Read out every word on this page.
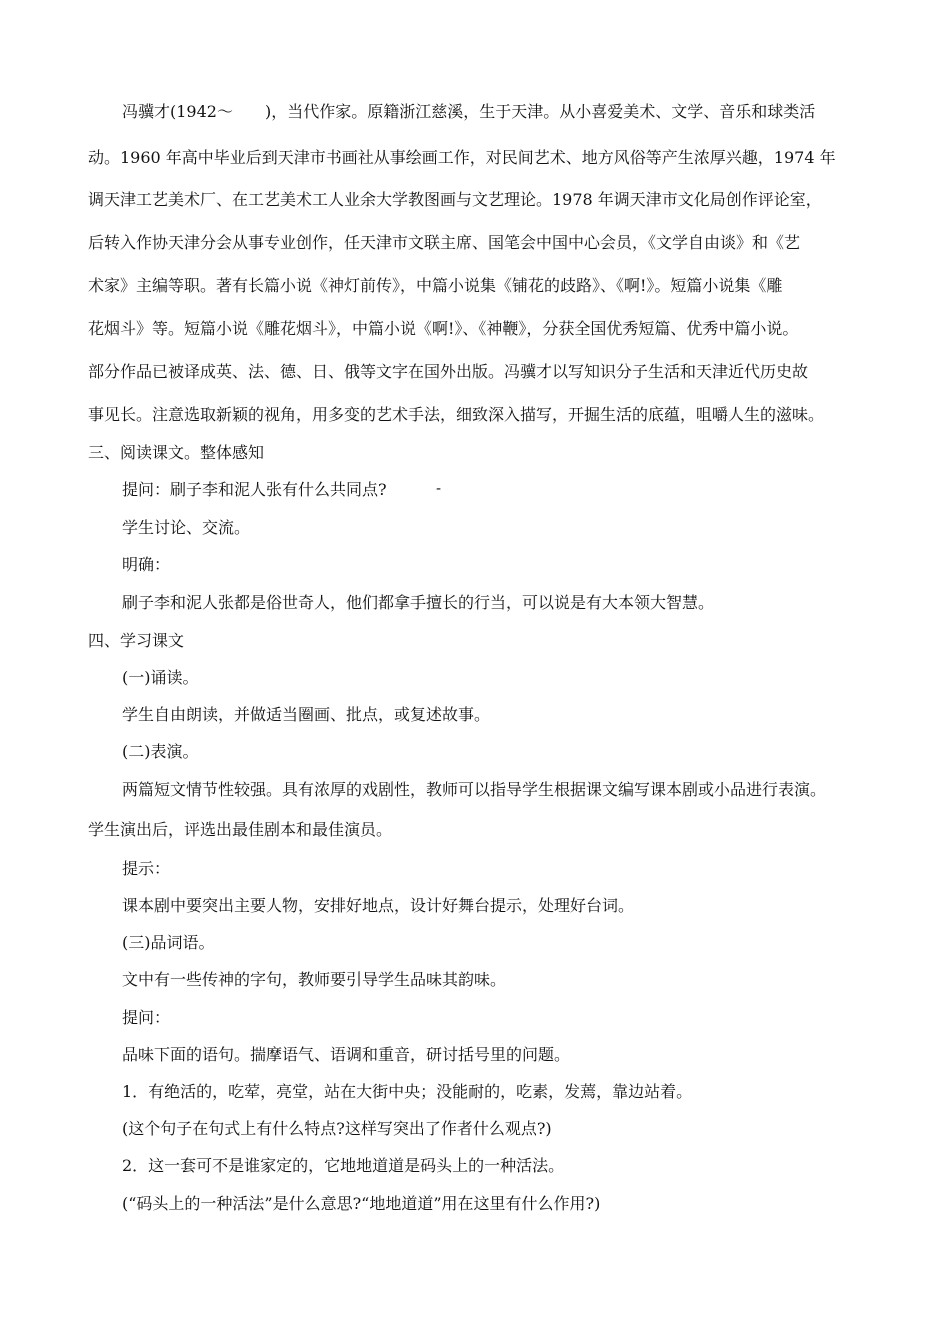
冯骥才(1942～　　)，当代作家。原籍浙江慈溪，生于天津。从小喜爱美术、文学、音乐和球类活
动。1960 年高中毕业后到天津市书画社从事绘画工作，对民间艺术、地方风俗等产生浓厚兴趣，1974 年
调天津工艺美术厂、在工艺美术工人业余大学教图画与文艺理论。1978 年调天津市文化局创作评论室，
后转入作协天津分会从事专业创作，任天津市文联主席、国笔会中国中心会员，《文学自由谈》和《艺
术家》主编等职。著有长篇小说《神灯前传》，中篇小说集《铺花的歧路》、《啊!》。短篇小说集《雕
花烟斗》等。短篇小说《雕花烟斗》，中篇小说《啊!》、《神鞭》，分获全国优秀短篇、优秀中篇小说。
部分作品已被译成英、法、德、日、俄等文字在国外出版。冯骥才以写知识分子生活和天津近代历史故
事见长。注意选取新颖的视角，用多变的艺术手法，细致深入描写，开掘生活的底蕴，咀嚼人生的滋味。
三、阅读课文。整体感知
提问：刷子李和泥人张有什么共同点?	-
学生讨论、交流。
明确：
刷子李和泥人张都是俗世奇人，他们都拿手擅长的行当，可以说是有大本领大智慧。
四、学习课文
(一)诵读。
学生自由朗读，并做适当圈画、批点，或复述故事。
(二)表演。
两篇短文情节性较强。具有浓厚的戏剧性，教师可以指导学生根据课文编写课本剧或小品进行表演。
学生演出后，评选出最佳剧本和最佳演员。
提示：
课本剧中要突出主要人物，安排好地点，设计好舞台提示，处理好台词。
(三)品词语。
文中有一些传神的字句，教师要引导学生品味其韵味。
提问：
品味下面的语句。揣摩语气、语调和重音，研讨括号里的问题。
1．有绝活的，吃荤，亮堂，站在大街中央；没能耐的，吃素，发蔫，靠边站着。
(这个句子在句式上有什么特点?这样写突出了作者什么观点?)
2．这一套可不是谁家定的，它地地道道是码头上的一种活法。
(“码头上的一种活法”是什么意思?“地地道道”用在这里有什么作用?)
